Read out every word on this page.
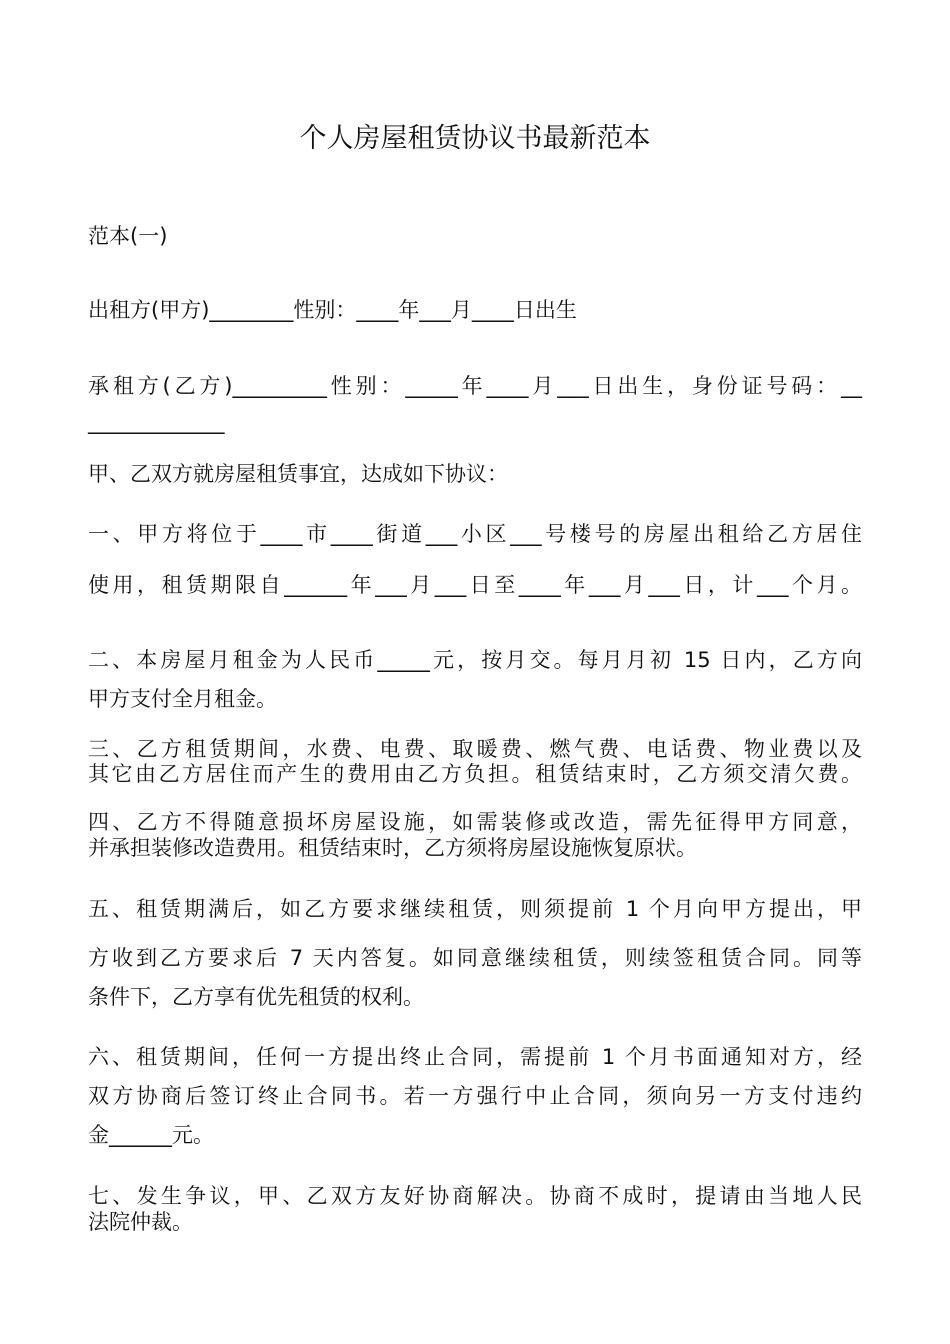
个人房屋租赁协议书最新范本

范本(一)

出租方(甲方)________性别：____年___月____日出生

承租方(乙方)_________性别：_____年____月___日出生，身份证号码：__

_____________

甲、乙双方就房屋租赁事宜，达成如下协议：

一、甲方将位于____市____街道___小区___号楼号的房屋出租给乙方居住

使用，租赁期限自______年___月___日至____年___月___日，计___个月。

二、本房屋月租金为人民币_____元，按月交。每月月初 15 日内，乙方向

甲方支付全月租金。

三、乙方租赁期间，水费、电费、取暖费、燃气费、电话费、物业费以及

其它由乙方居住而产生的费用由乙方负担。租赁结束时，乙方须交清欠费。

四、乙方不得随意损坏房屋设施，如需装修或改造，需先征得甲方同意，

并承担装修改造费用。租赁结束时，乙方须将房屋设施恢复原状。

五、租赁期满后，如乙方要求继续租赁，则须提前 1 个月向甲方提出，甲

方收到乙方要求后 7 天内答复。如同意继续租赁，则续签租赁合同。同等

条件下，乙方享有优先租赁的权利。

六、租赁期间，任何一方提出终止合同，需提前 1 个月书面通知对方，经

双方协商后签订终止合同书。若一方强行中止合同，须向另一方支付违约

金______元。

七、发生争议，甲、乙双方友好协商解决。协商不成时，提请由当地人民

法院仲裁。
